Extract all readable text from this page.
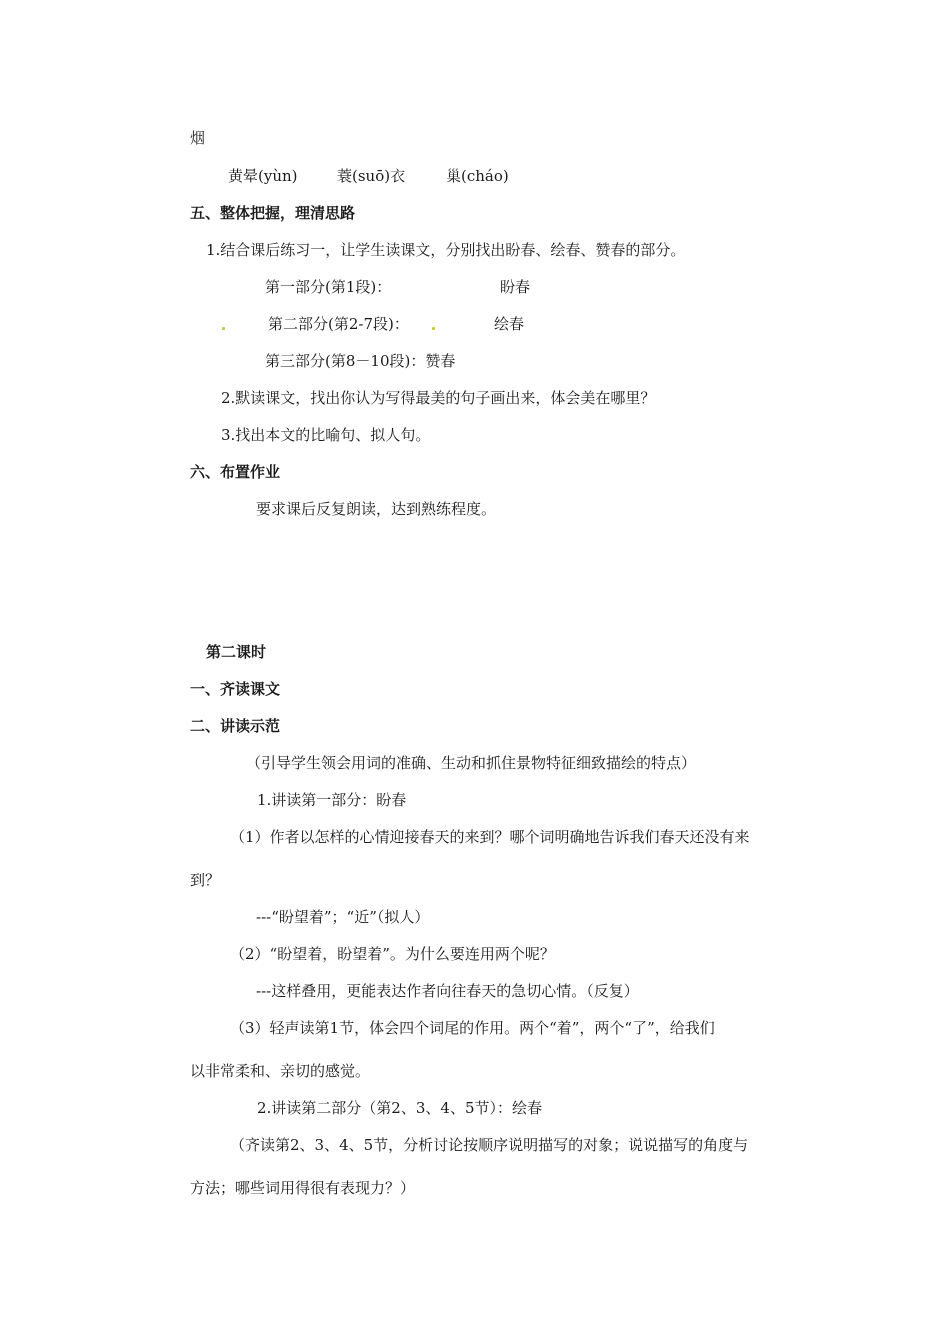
烟
黄晕(yùn)	蓑(suō)衣	巢(cháo)
五、整体把握，理清思路
1.结合课后练习一，让学生读课文，分别找出盼春、绘春、赞春的部分。
第一部分(第1段)：	盼春
第二部分(第2-7段)：	绘春
第三部分(第8－10段)：赞春
2.默读课文，找出你认为写得最美的句子画出来，体会美在哪里？
3.找出本文的比喻句、拟人句。
六、布置作业
要求课后反复朗读，达到熟练程度。
第二课时
一、齐读课文
二、讲读示范
（引导学生领会用词的准确、生动和抓住景物特征细致描绘的特点）
1.讲读第一部分：盼春
（1）作者以怎样的心情迎接春天的来到？哪个词明确地告诉我们春天还没有来
到？
---“盼望着”；“近”（拟人）
（2）“盼望着，盼望着”。为什么要连用两个呢？
---这样叠用，更能表达作者向往春天的急切心情。（反复）
（3）轻声读第1节，体会四个词尾的作用。两个“着”，两个“了”，给我们
以非常柔和、亲切的感觉。
2.讲读第二部分（第2、3、4、5节）：绘春
（齐读第2、3、4、5节，分析讨论按顺序说明描写的对象；说说描写的角度与
方法；哪些词用得很有表现力？）
